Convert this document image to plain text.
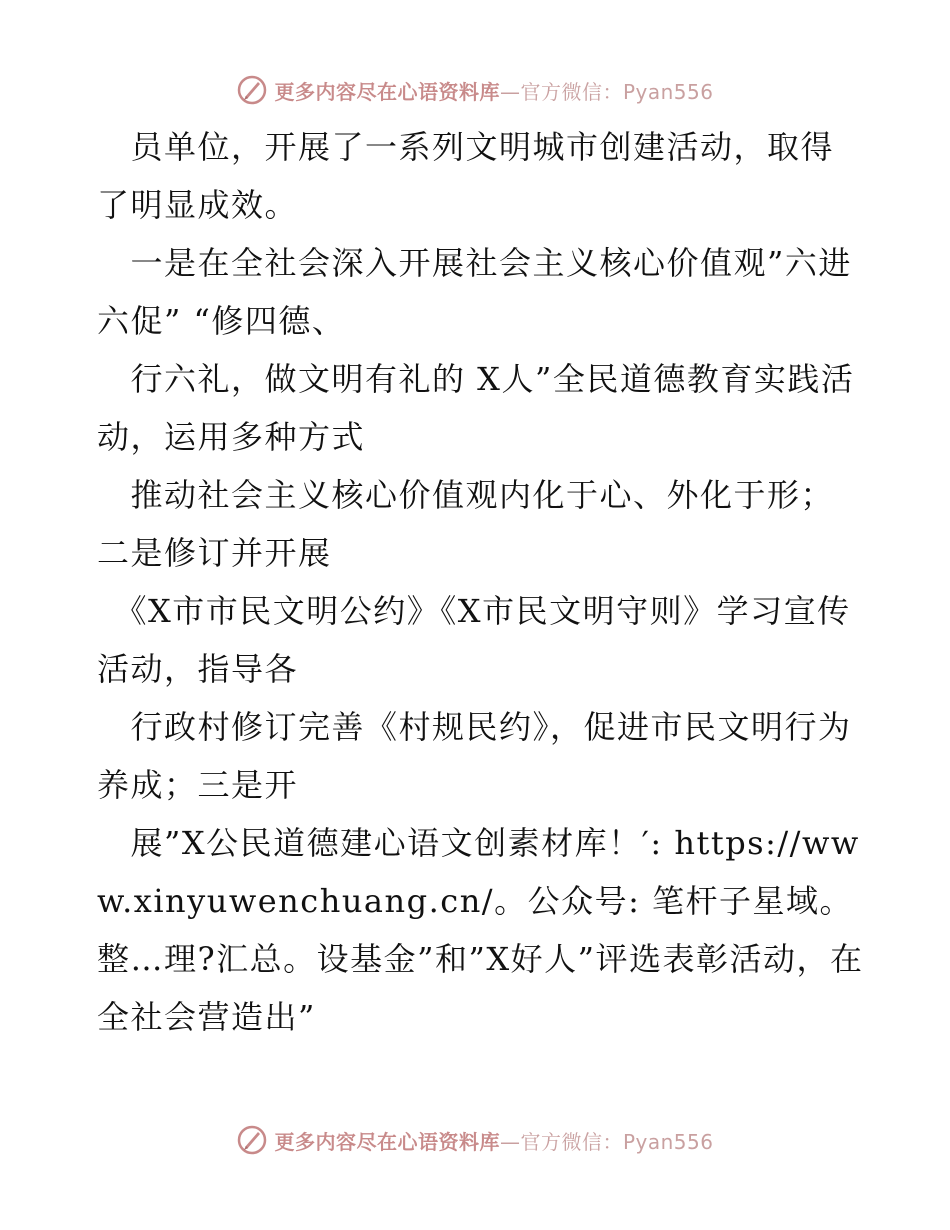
更多内容尽在心语资料库—官方微信：Pyan556

　员单位，开展了一系列文明城市创建活动，取得了明显成效。

　一是在全社会深入开展社会主义核心价值观”六进六促” “修四德、

　行六礼，做文明有礼的 X人”全民道德教育实践活动，运用多种方式

　推动社会主义核心价值观内化于心、外化于形；二是修订并开展

　《X市市民文明公约》《X市民文明守则》学习宣传活动，指导各

　行政村修订完善《村规民约》，促进市民文明行为养成；三是开

　展”X公民道德建心语文创素材库！′: https://www.xinyuwenchuang.cn/。公众号: 笔杆子星域。整…理?汇总。设基金”和”X好人”评选表彰活动，在全社会营造出”

更多内容尽在心语资料库—官方微信：Pyan556
